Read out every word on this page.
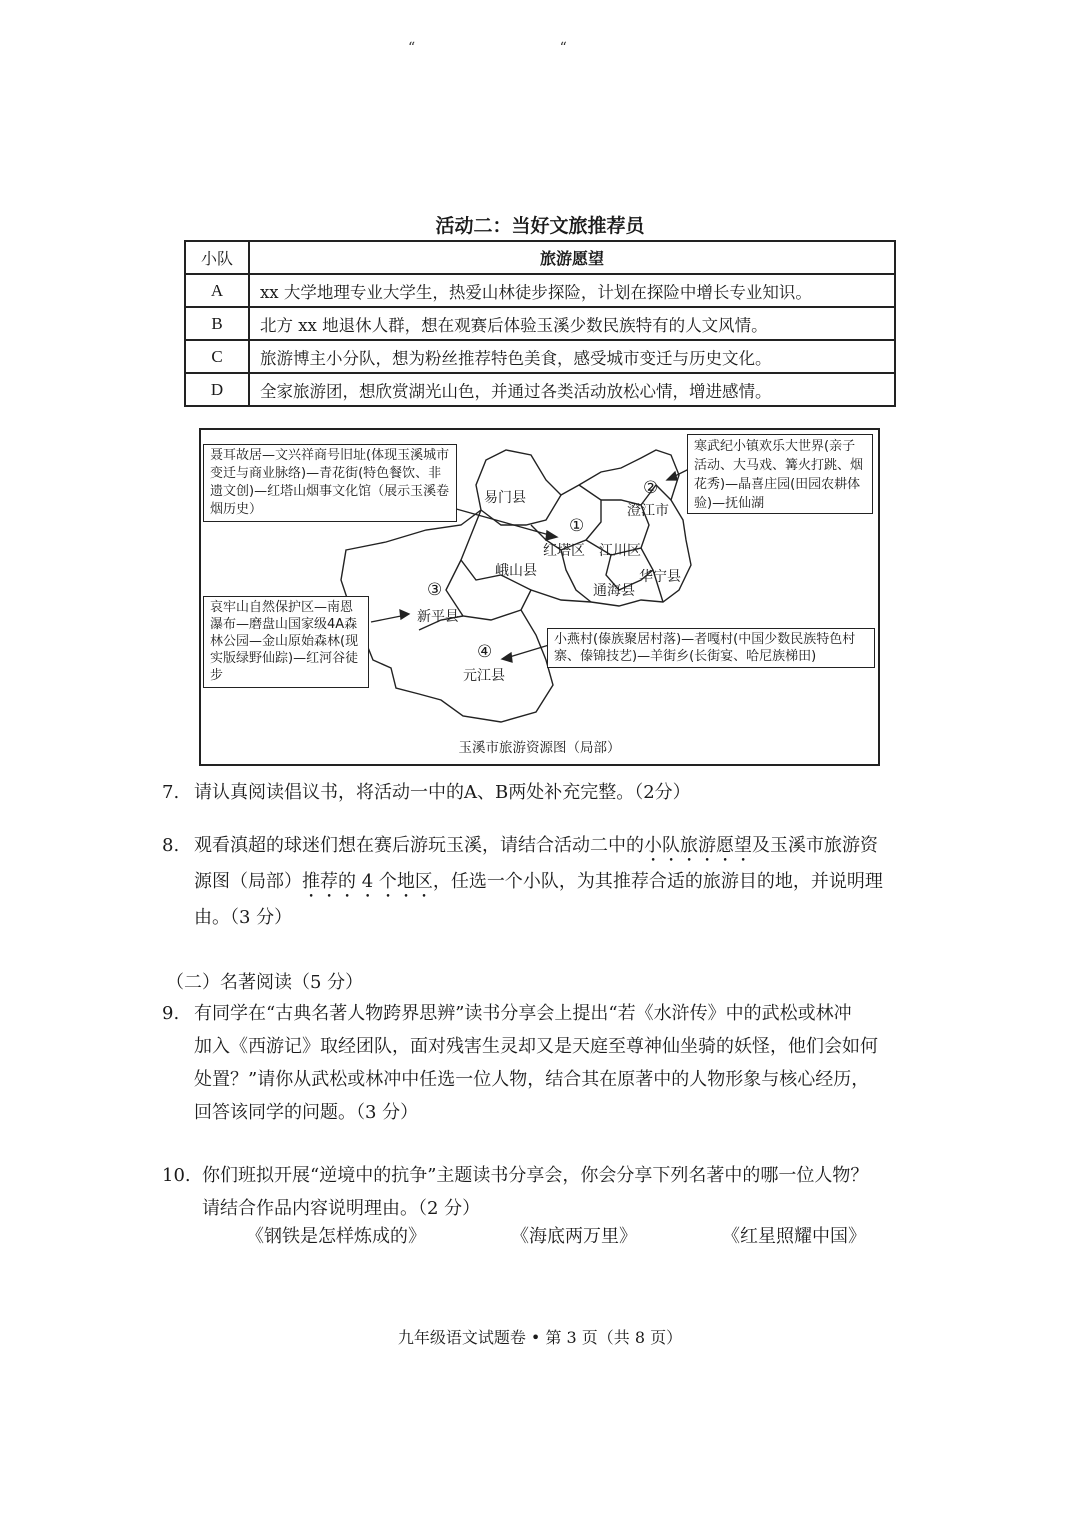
“ “
活动二：当好文旅推荐员
小队	旅游愿望
A	xx 大学地理专业大学生，热爱山林徒步探险，计划在探险中增长专业知识。
B	北方 xx 地退休人群，想在观赛后体验玉溪少数民族特有的人文风情。
C	旅游博主小分队，想为粉丝推荐特色美食，感受城市变迁与历史文化。
D	全家旅游团，想欣赏湖光山色，并通过各类活动放松心情，增进感情。
聂耳故居—文兴祥商号旧址(体现玉溪城市变迁与商业脉络)—青花街(特色餐饮、非遗文创)—红塔山烟事文化馆（展示玉溪卷烟历史）
寒武纪小镇欢乐大世界(亲子活动、大马戏、篝火打跳、烟花秀)—晶喜庄园(田园农耕体验)—抚仙湖
哀牢山自然保护区—南恩瀑布—磨盘山国家级4A森林公园—金山原始森林(现实版绿野仙踪)—红河谷徒步
小燕村(傣族聚居村落)—者嘎村(中国少数民族特色村寨、傣锦技艺)—羊街乡(长街宴、哈尼族梯田)
易门县
红塔区 江川区
澄江市
峨山县	华宁县
通海县
新平县
元江县
①
②
③
④
玉溪市旅游资源图（局部）
7. 请认真阅读倡议书，将活动一中的A、B两处补充完整。（2分）
8. 观看滇超的球迷们想在赛后游玩玉溪，请结合活动二中的小队旅游愿望及玉溪市旅游资
源图（局部）推荐的 4 个地区，任选一个小队，为其推荐合适的旅游目的地，并说明理
由。（3 分）
（二）名著阅读（5 分）
9. 有同学在“古典名著人物跨界思辨”读书分享会上提出“若《水浒传》中的武松或林冲
加入《西游记》取经团队，面对残害生灵却又是天庭至尊神仙坐骑的妖怪，他们会如何
处置？”请你从武松或林冲中任选一位人物，结合其在原著中的人物形象与核心经历，
回答该同学的问题。（3 分）
10. 你们班拟开展“逆境中的抗争”主题读书分享会，你会分享下列名著中的哪一位人物？
请结合作品内容说明理由。（2 分）
《钢铁是怎样炼成的》	《海底两万里》	《红星照耀中国》
九年级语文试题卷 • 第 3 页（共 8 页）
